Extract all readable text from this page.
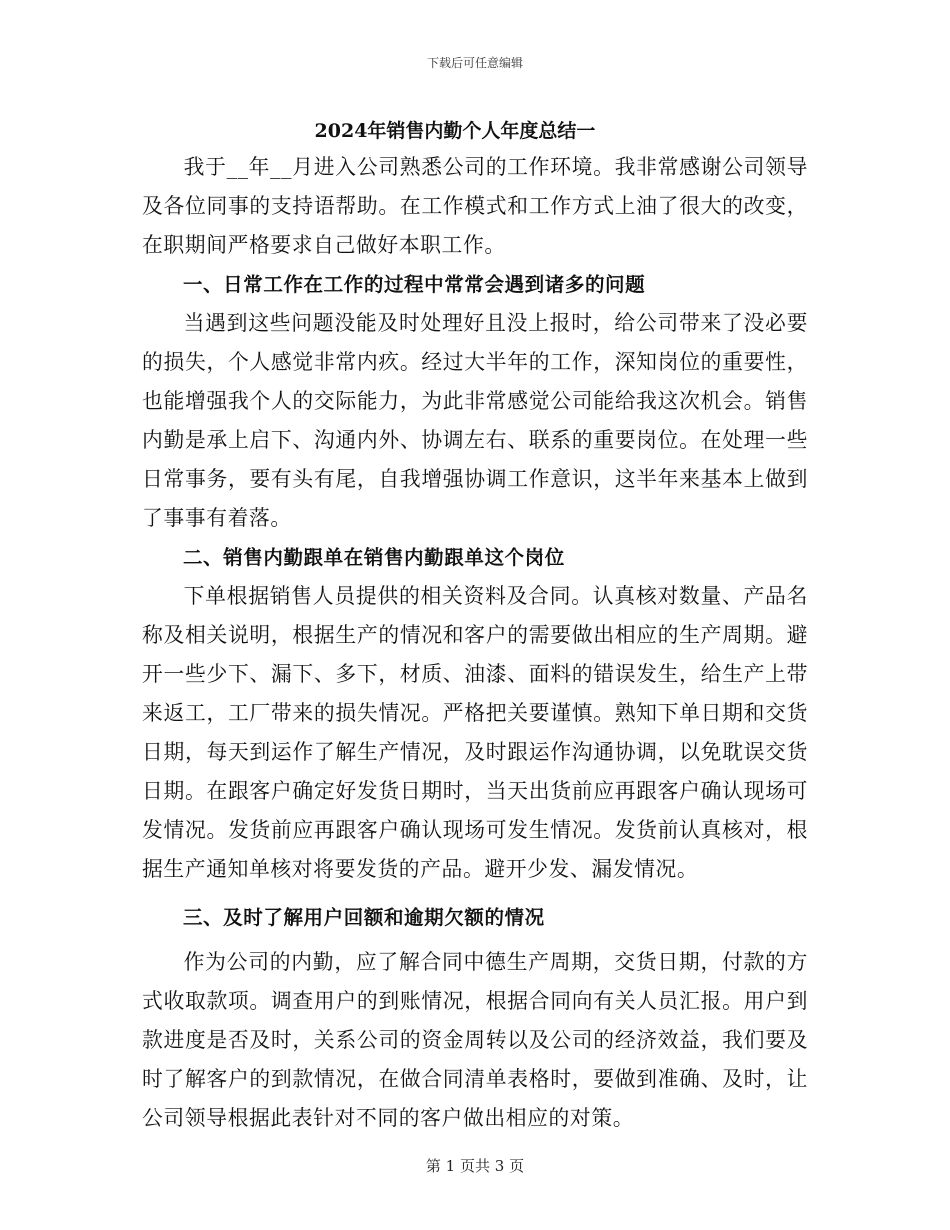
下载后可任意编辑
2024年销售内勤个人年度总结一

我于__年__月进入公司熟悉公司的工作环境。我非常感谢公司领导及各位同事的支持语帮助。在工作模式和工作方式上油了很大的改变，在职期间严格要求自己做好本职工作。

一、日常工作在工作的过程中常常会遇到诸多的问题

当遇到这些问题没能及时处理好且没上报时，给公司带来了没必要的损失，个人感觉非常内疚。经过大半年的工作，深知岗位的重要性，也能增强我个人的交际能力，为此非常感觉公司能给我这次机会。销售内勤是承上启下、沟通内外、协调左右、联系的重要岗位。在处理一些日常事务，要有头有尾，自我增强协调工作意识，这半年来基本上做到了事事有着落。

二、销售内勤跟单在销售内勤跟单这个岗位

下单根据销售人员提供的相关资料及合同。认真核对数量、产品名称及相关说明，根据生产的情况和客户的需要做出相应的生产周期。避开一些少下、漏下、多下，材质、油漆、面料的错误发生，给生产上带来返工，工厂带来的损失情况。严格把关要谨慎。熟知下单日期和交货日期，每天到运作了解生产情况，及时跟运作沟通协调，以免耽误交货日期。在跟客户确定好发货日期时，当天出货前应再跟客户确认现场可发情况。发货前应再跟客户确认现场可发生情况。发货前认真核对，根据生产通知单核对将要发货的产品。避开少发、漏发情况。

三、及时了解用户回额和逾期欠额的情况

作为公司的内勤，应了解合同中德生产周期，交货日期，付款的方式收取款项。调查用户的到账情况，根据合同向有关人员汇报。用户到款进度是否及时，关系公司的资金周转以及公司的经济效益，我们要及时了解客户的到款情况，在做合同清单表格时，要做到准确、及时，让公司领导根据此表针对不同的客户做出相应的对策。

第 1 页共 3 页
